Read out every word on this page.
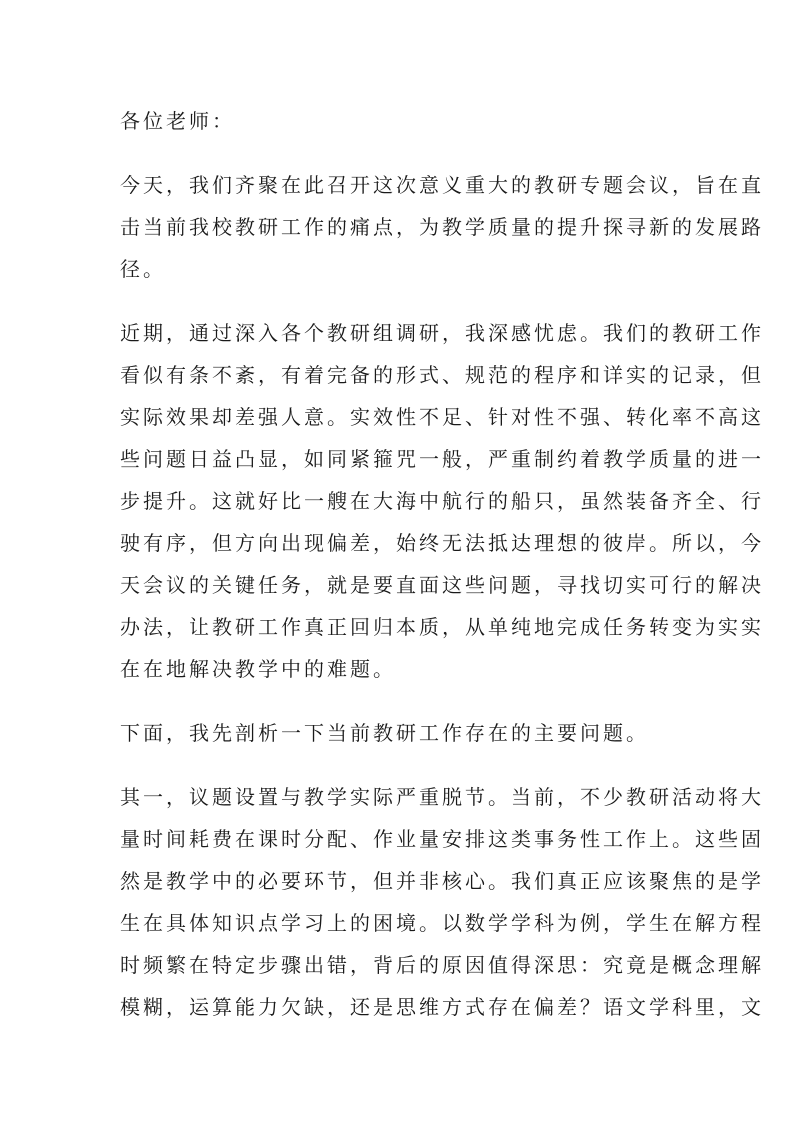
各位老师：

今天，我们齐聚在此召开这次意义重大的教研专题会议，旨在直
击当前我校教研工作的痛点，为教学质量的提升探寻新的发展路
径。

近期，通过深入各个教研组调研，我深感忧虑。我们的教研工作
看似有条不紊，有着完备的形式、规范的程序和详实的记录，但
实际效果却差强人意。实效性不足、针对性不强、转化率不高这
些问题日益凸显，如同紧箍咒一般，严重制约着教学质量的进一
步提升。这就好比一艘在大海中航行的船只，虽然装备齐全、行
驶有序，但方向出现偏差，始终无法抵达理想的彼岸。所以，今
天会议的关键任务，就是要直面这些问题，寻找切实可行的解决
办法，让教研工作真正回归本质，从单纯地完成任务转变为实实
在在地解决教学中的难题。

下面，我先剖析一下当前教研工作存在的主要问题。

其一，议题设置与教学实际严重脱节。当前，不少教研活动将大
量时间耗费在课时分配、作业量安排这类事务性工作上。这些固
然是教学中的必要环节，但并非核心。我们真正应该聚焦的是学
生在具体知识点学习上的困境。以数学学科为例，学生在解方程
时频繁在特定步骤出错，背后的原因值得深思：究竟是概念理解
模糊，运算能力欠缺，还是思维方式存在偏差？语文学科里，文
